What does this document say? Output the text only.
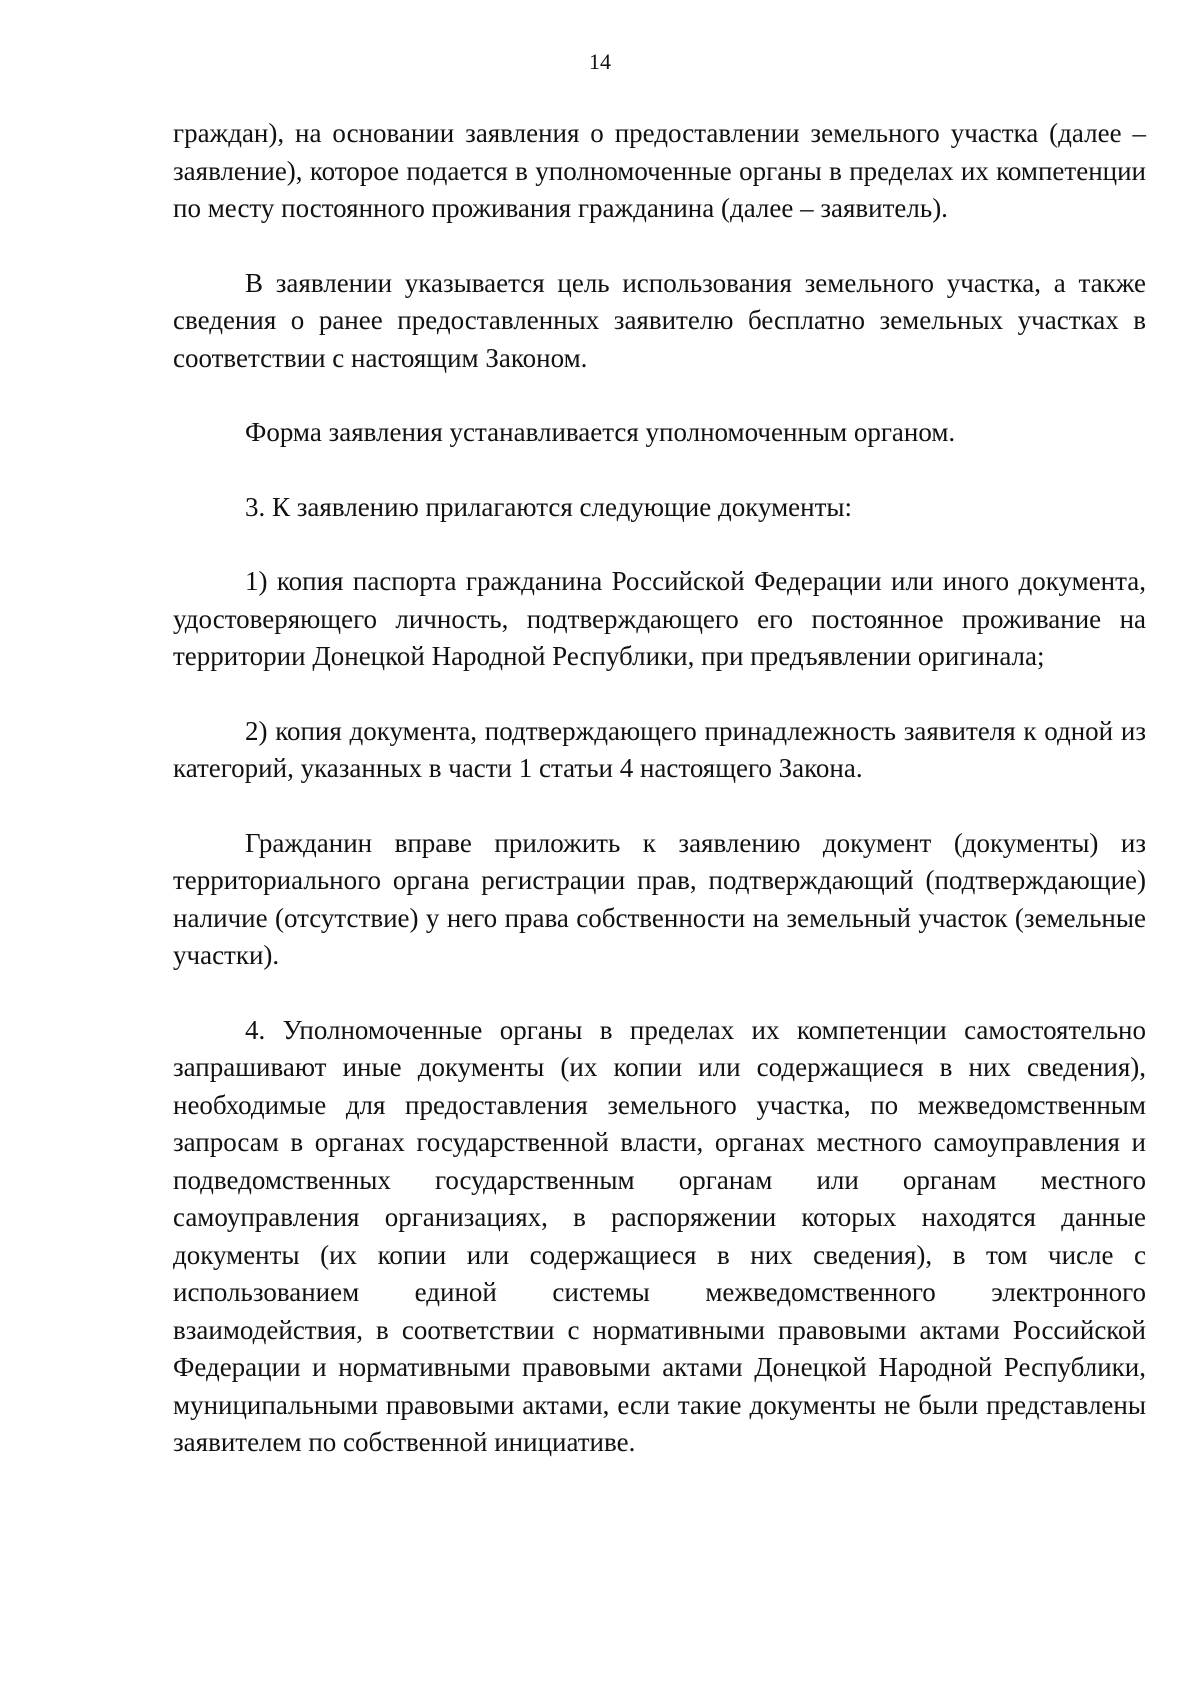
14

граждан), на основании заявления о предоставлении земельного участка (далее – заявление), которое подается в уполномоченные органы в пределах их компетенции по месту постоянного проживания гражданина (далее – заявитель).

В заявлении указывается цель использования земельного участка, а также сведения о ранее предоставленных заявителю бесплатно земельных участках в соответствии с настоящим Законом.

Форма заявления устанавливается уполномоченным органом.

3. К заявлению прилагаются следующие документы:

1) копия паспорта гражданина Российской Федерации или иного документа, удостоверяющего личность, подтверждающего его постоянное проживание на территории Донецкой Народной Республики, при предъявлении оригинала;

2) копия документа, подтверждающего принадлежность заявителя к одной из категорий, указанных в части 1 статьи 4 настоящего Закона.

Гражданин вправе приложить к заявлению документ (документы) из территориального органа регистрации прав, подтверждающий (подтверждающие) наличие (отсутствие) у него права собственности на земельный участок (земельные участки).

4. Уполномоченные органы в пределах их компетенции самостоятельно запрашивают иные документы (их копии или содержащиеся в них сведения), необходимые для предоставления земельного участка, по межведомственным запросам в органах государственной власти, органах местного самоуправления и подведомственных государственным органам или органам местного самоуправления организациях, в распоряжении которых находятся данные документы (их копии или содержащиеся в них сведения), в том числе с использованием единой системы межведомственного электронного взаимодействия, в соответствии с нормативными правовыми актами Российской Федерации и нормативными правовыми актами Донецкой Народной Республики, муниципальными правовыми актами, если такие документы не были представлены заявителем по собственной инициативе.
